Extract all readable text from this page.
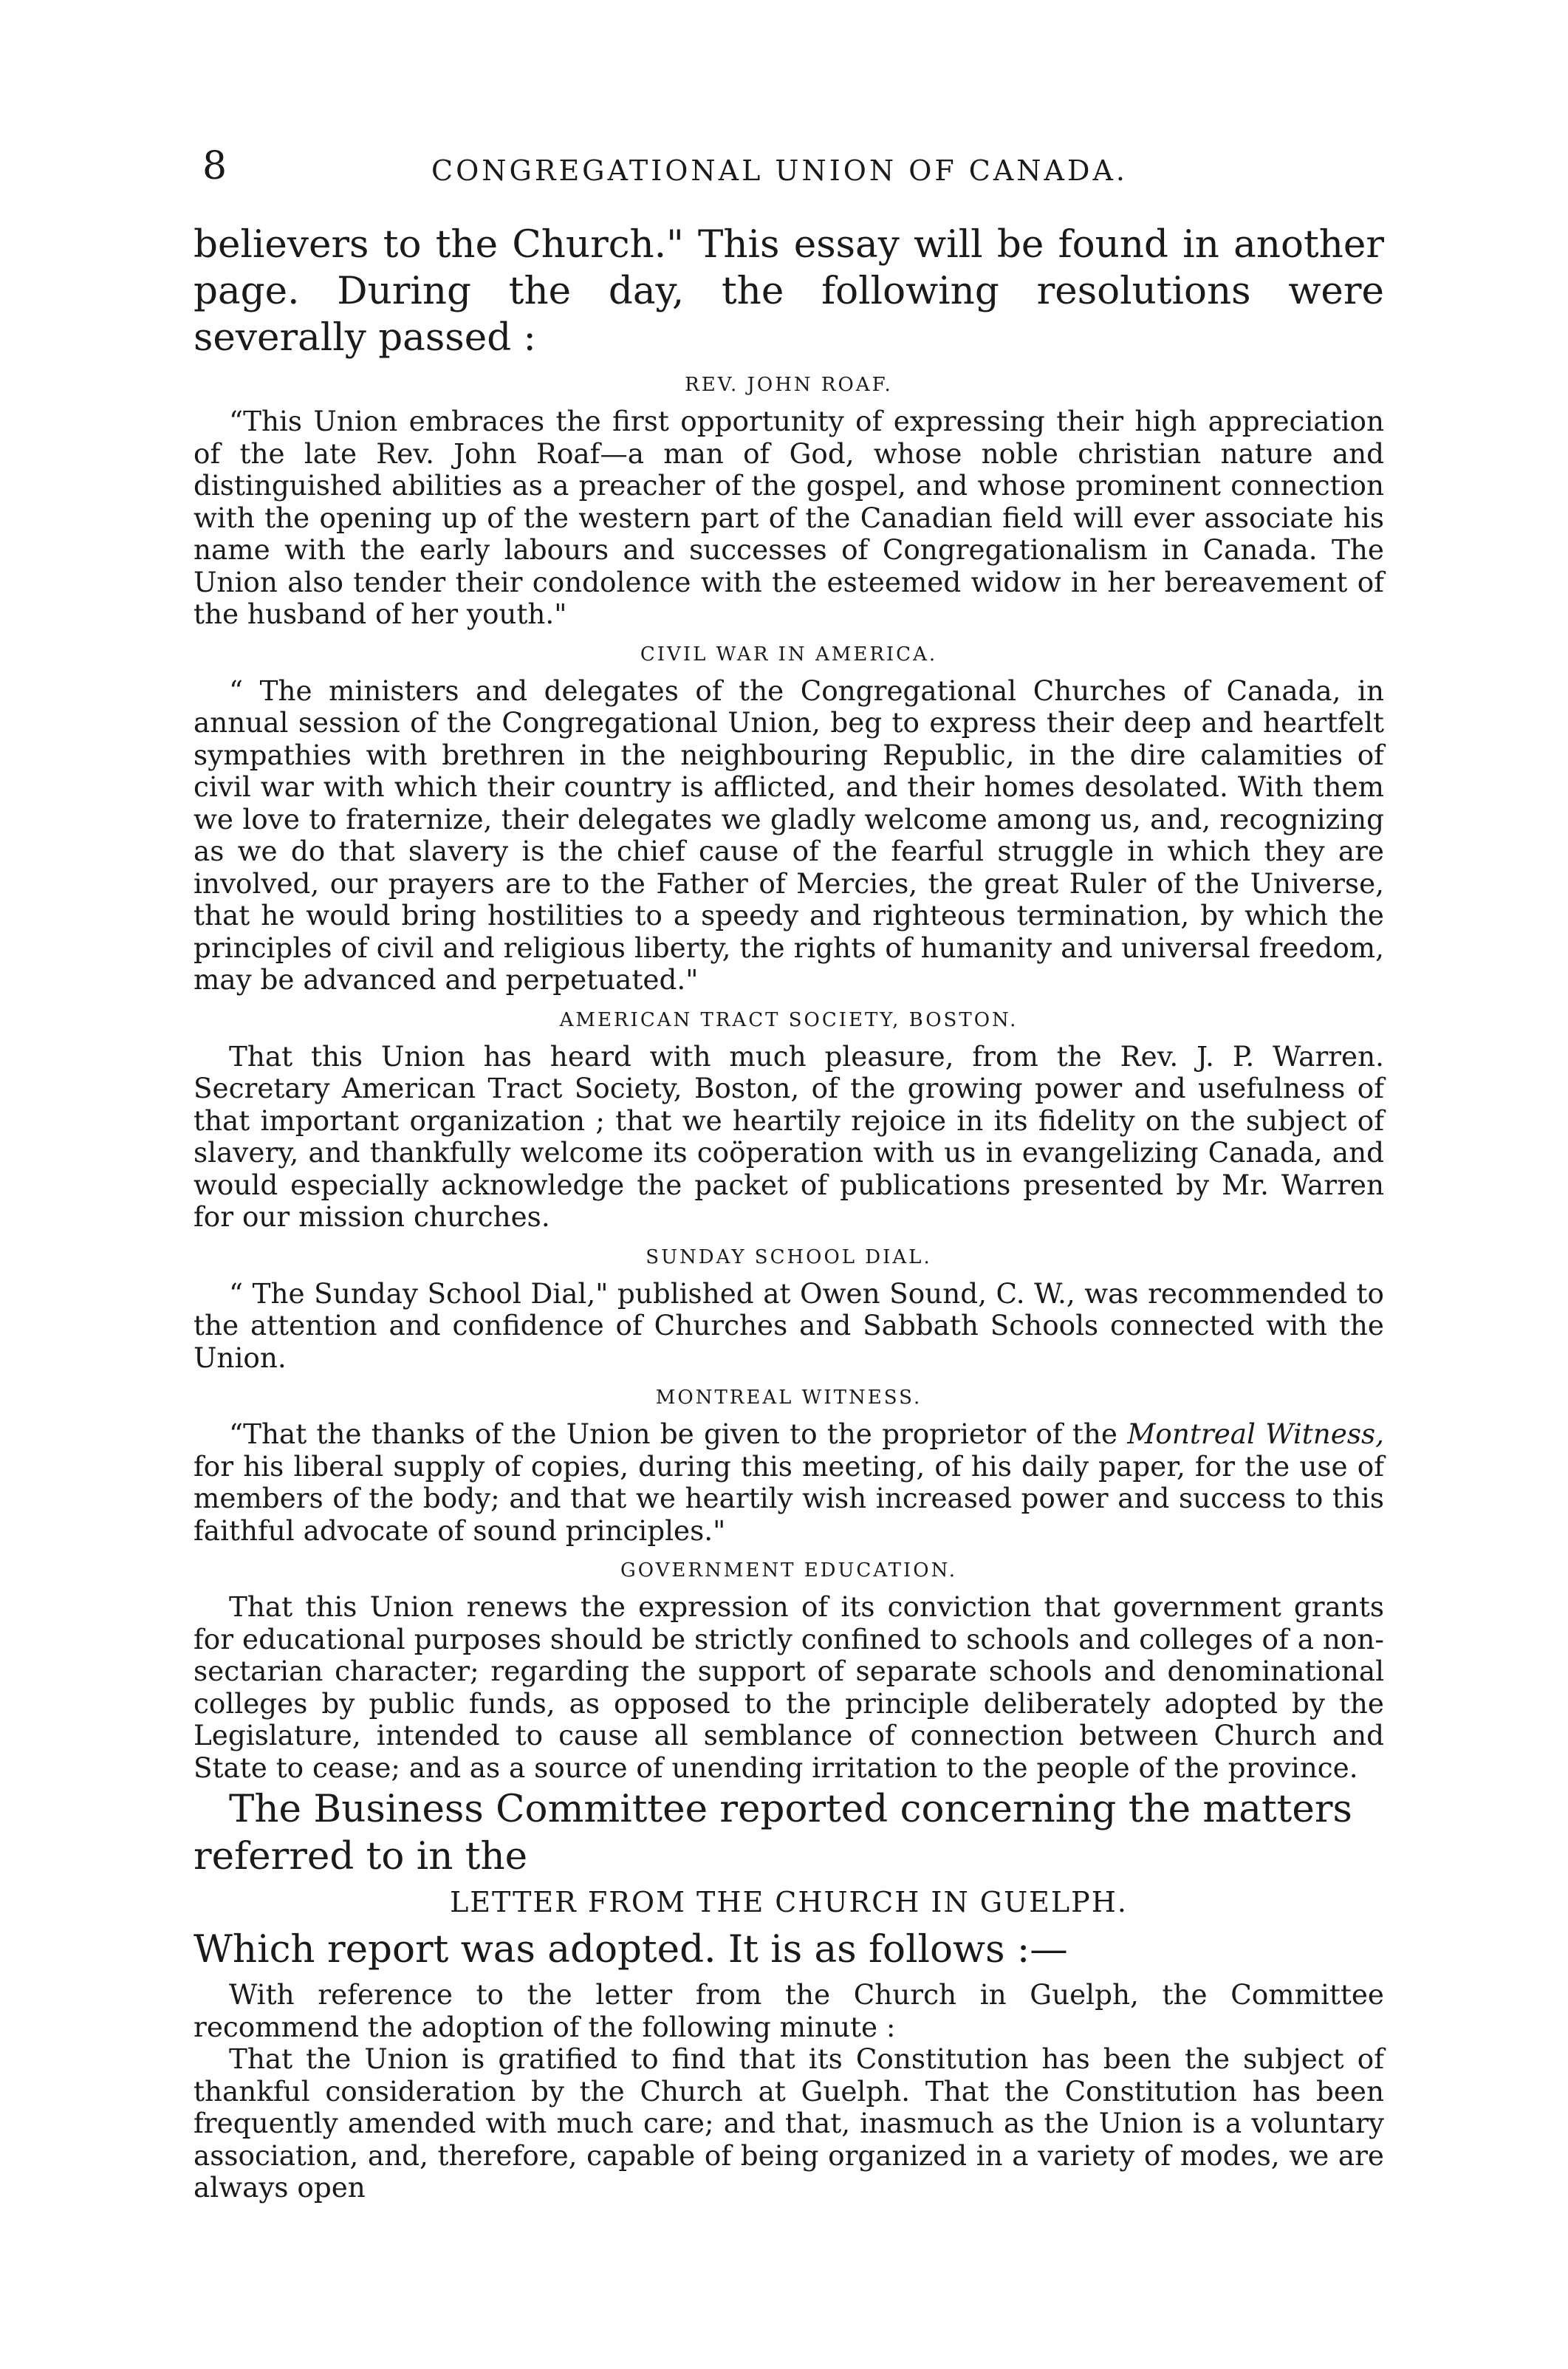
8	CONGREGATIONAL UNION OF CANADA.

believers to the Church." This essay will be found in another page. During the day, the following resolutions were severally passed :

REV. JOHN ROAF.

“This Union embraces the first opportunity of expressing their high appreciation of the late Rev. John Roaf—a man of God, whose noble christian nature and distinguished abilities as a preacher of the gospel, and whose prominent connection with the opening up of the western part of the Canadian field will ever associate his name with the early labours and successes of Congregationalism in Canada. The Union also tender their condolence with the esteemed widow in her bereavement of the husband of her youth."

CIVIL WAR IN AMERICA.

“ The ministers and delegates of the Congregational Churches of Canada, in annual session of the Congregational Union, beg to express their deep and heartfelt sympathies with brethren in the neighbouring Republic, in the dire calamities of civil war with which their country is afflicted, and their homes desolated. With them we love to fraternize, their delegates we gladly welcome among us, and, recognizing as we do that slavery is the chief cause of the fearful struggle in which they are involved, our prayers are to the Father of Mercies, the great Ruler of the Universe, that he would bring hostilities to a speedy and righteous termination, by which the principles of civil and religious liberty, the rights of humanity and universal freedom, may be advanced and perpetuated."

AMERICAN TRACT SOCIETY, BOSTON.

That this Union has heard with much pleasure, from the Rev. J. P. Warren. Secretary American Tract Society, Boston, of the growing power and usefulness of that important organization ; that we heartily rejoice in its fidelity on the subject of slavery, and thankfully welcome its coöperation with us in evangelizing Canada, and would especially acknowledge the packet of publications presented by Mr. Warren for our mission churches.

SUNDAY SCHOOL DIAL.

“ The Sunday School Dial," published at Owen Sound, C. W., was recommended to the attention and confidence of Churches and Sabbath Schools connected with the Union.

MONTREAL WITNESS.

“That the thanks of the Union be given to the proprietor of the Montreal Witness, for his liberal supply of copies, during this meeting, of his daily paper, for the use of members of the body; and that we heartily wish increased power and success to this faithful advocate of sound principles."

GOVERNMENT EDUCATION.

That this Union renews the expression of its conviction that government grants for educational purposes should be strictly confined to schools and colleges of a non-sectarian character; regarding the support of separate schools and denominational colleges by public funds, as opposed to the principle deliberately adopted by the Legislature, intended to cause all semblance of connection between Church and State to cease; and as a source of unending irritation to the people of the province.

The Business Committee reported concerning the matters referred to in the

LETTER FROM THE CHURCH IN GUELPH.

Which report was adopted. It is as follows :—

With reference to the letter from the Church in Guelph, the Committee recommend the adoption of the following minute :

That the Union is gratified to find that its Constitution has been the subject of thankful consideration by the Church at Guelph. That the Constitution has been frequently amended with much care; and that, inasmuch as the Union is a voluntary association, and, therefore, capable of being organized in a variety of modes, we are always open
